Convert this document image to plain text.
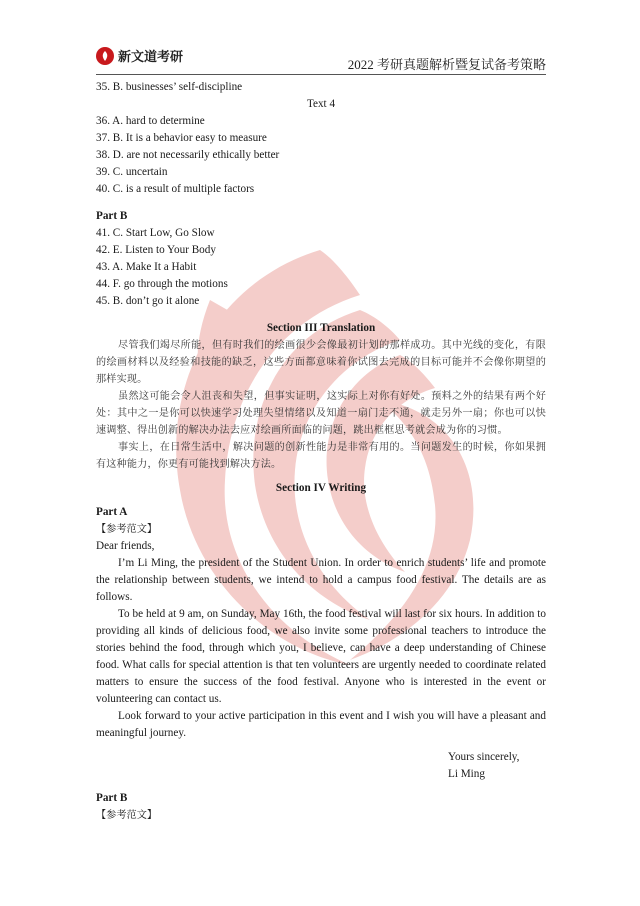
新文道考研	2022 考研真题解析暨复试备考策略

35. B. businesses’ self-discipline

Text 4

36. A. hard to determine

37. B. It is a behavior easy to measure

38. D. are not necessarily ethically better

39. C. uncertain

40. C. is a result of multiple factors

Part B

41. C. Start Low, Go Slow

42. E. Listen to Your Body

43. A. Make It a Habit

44. F. go through the motions

45. B. don’t go it alone

Section III Translation

尽管我们竭尽所能，但有时我们的绘画很少会像最初计划的那样成功。其中光线的变化，有限的绘画材料以及经验和技能的缺乏，这些方面都意味着你试图去完成的目标可能并不会像你期望的那样实现。

虽然这可能会令人沮丧和失望，但事实证明，这实际上对你有好处。预料之外的结果有两个好处：其中之一是你可以快速学习处理失望情绪以及知道一扇门走不通，就走另外一扇；你也可以快速调整、得出创新的解决办法去应对绘画所面临的问题，跳出框框思考就会成为你的习惯。

事实上，在日常生活中，解决问题的创新性能力是非常有用的。当问题发生的时候，你如果拥有这种能力，你更有可能找到解决方法。

Section IV Writing

Part A

【参考范文】

Dear friends,

I’m Li Ming, the president of the Student Union. In order to enrich students’ life and promote the relationship between students, we intend to hold a campus food festival. The details are as follows.

To be held at 9 am, on Sunday, May 16th, the food festival will last for six hours. In addition to providing all kinds of delicious food, we also invite some professional teachers to introduce the stories behind the food, through which you, I believe, can have a deep understanding of Chinese food. What calls for special attention is that ten volunteers are urgently needed to coordinate related matters to ensure the success of the food festival. Anyone who is interested in the event or volunteering can contact us.

Look forward to your active participation in this event and I wish you will have a pleasant and meaningful journey.

Yours sincerely,

Li Ming

Part B

【参考范文】
